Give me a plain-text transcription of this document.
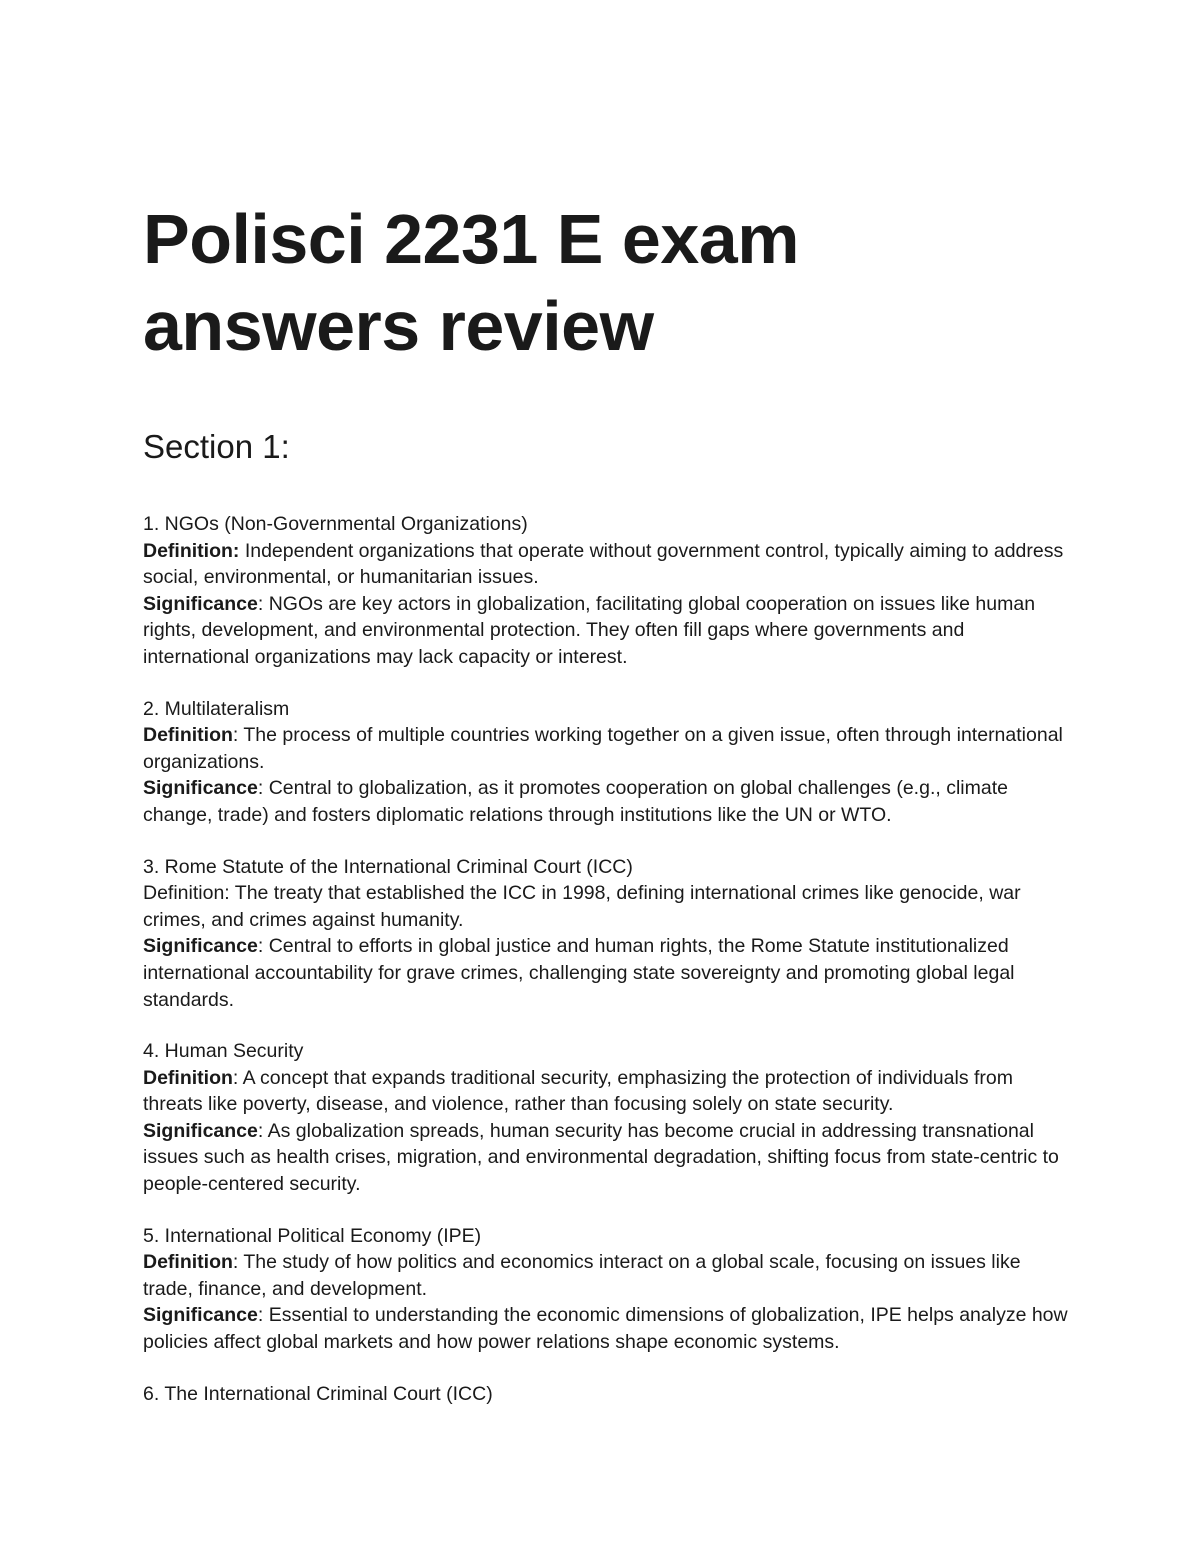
Polisci 2231 E exam
answers review
Section 1:

1. NGOs (Non-Governmental Organizations)

Definition: Independent organizations that operate without government control, typically aiming to address social, environmental, or humanitarian issues.

Significance: NGOs are key actors in globalization, facilitating global cooperation on issues like human rights, development, and environmental protection. They often fill gaps where governments and international organizations may lack capacity or interest.

2. Multilateralism

Definition: The process of multiple countries working together on a given issue, often through international organizations.

Significance: Central to globalization, as it promotes cooperation on global challenges (e.g., climate change, trade) and fosters diplomatic relations through institutions like the UN or WTO.

3. Rome Statute of the International Criminal Court (ICC)

Definition: The treaty that established the ICC in 1998, defining international crimes like genocide, war crimes, and crimes against humanity.

Significance: Central to efforts in global justice and human rights, the Rome Statute institutionalized international accountability for grave crimes, challenging state sovereignty and promoting global legal standards.

4. Human Security

Definition: A concept that expands traditional security, emphasizing the protection of individuals from threats like poverty, disease, and violence, rather than focusing solely on state security.

Significance: As globalization spreads, human security has become crucial in addressing transnational issues such as health crises, migration, and environmental degradation, shifting focus from state-centric to people-centered security.

5. International Political Economy (IPE)

Definition: The study of how politics and economics interact on a global scale, focusing on issues like trade, finance, and development.

Significance: Essential to understanding the economic dimensions of globalization, IPE helps analyze how policies affect global markets and how power relations shape economic systems.

6. The International Criminal Court (ICC)
